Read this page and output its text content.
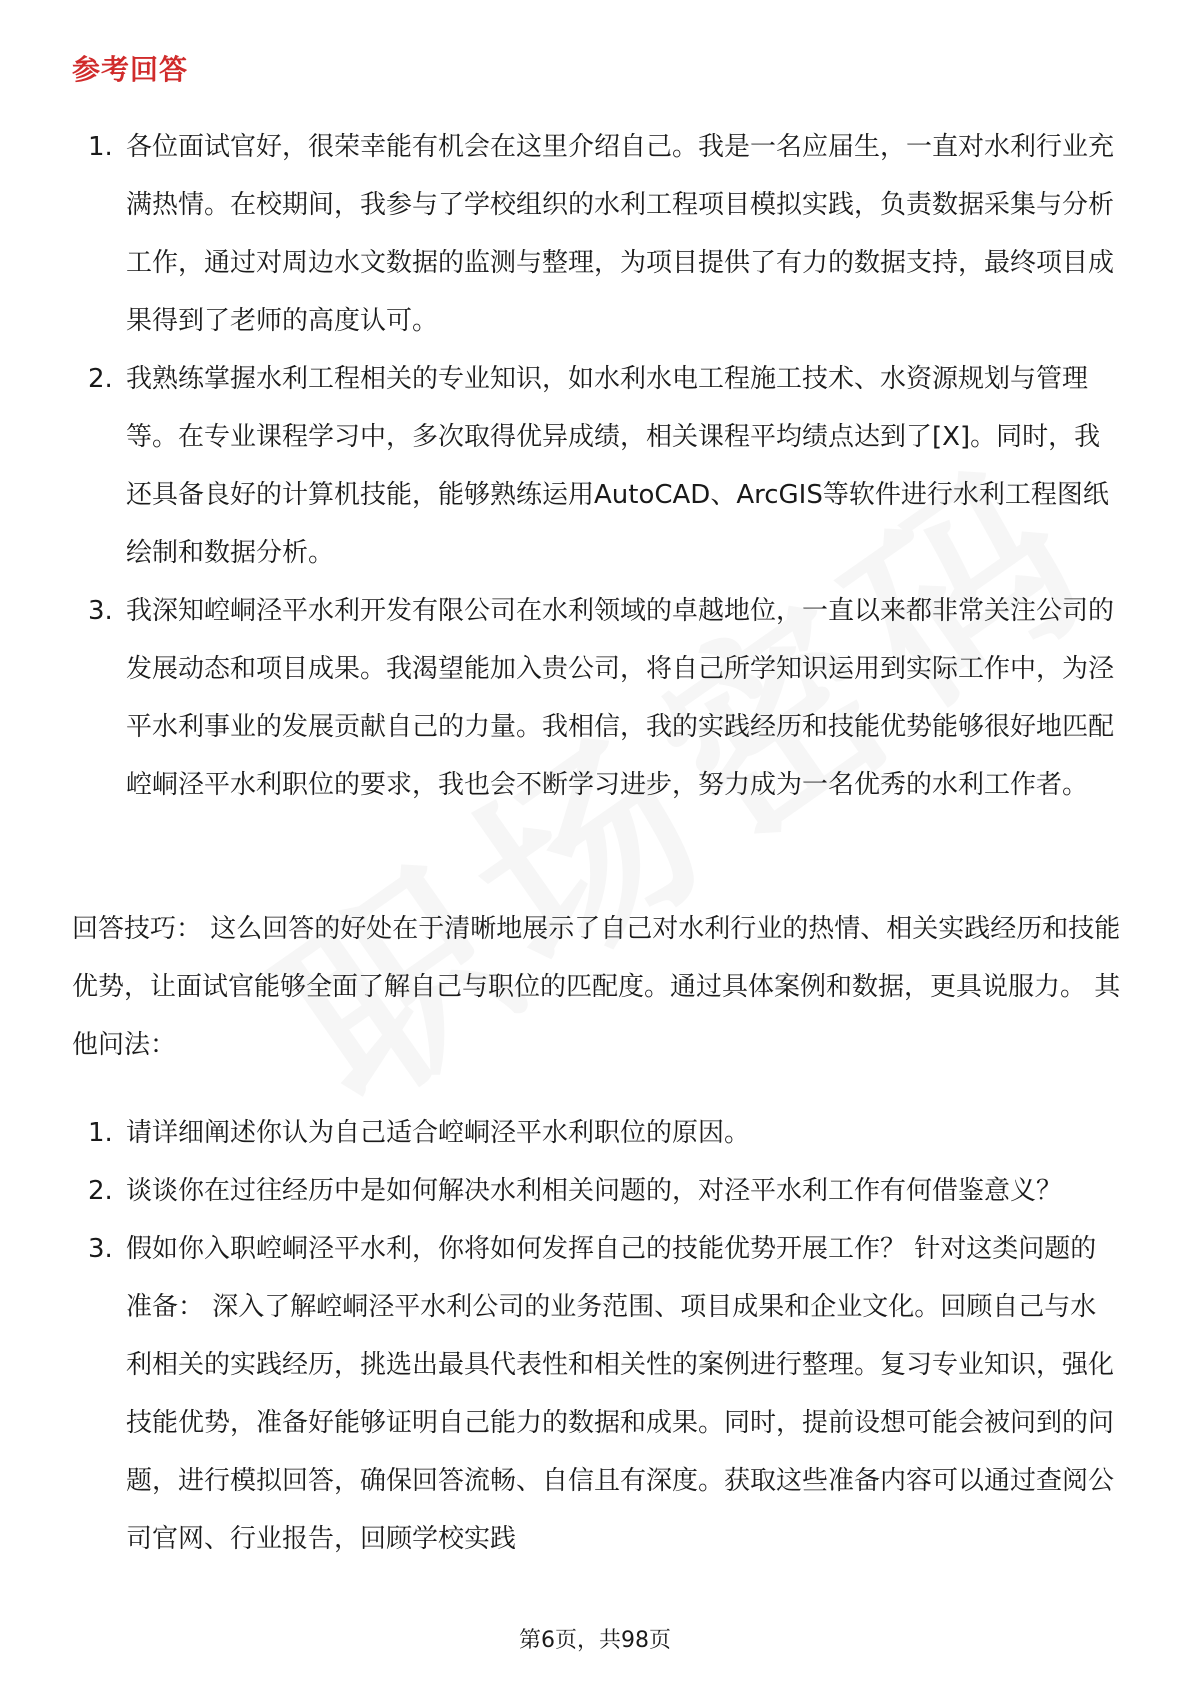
参考回答
1. 各位面试官好，很荣幸能有机会在这里介绍自己。我是一名应届生，一直对水利行业充满热情。在校期间，我参与了学校组织的水利工程项目模拟实践，负责数据采集与分析工作，通过对周边水文数据的监测与整理，为项目提供了有力的数据支持，最终项目成果得到了老师的高度认可。
2. 我熟练掌握水利工程相关的专业知识，如水利水电工程施工技术、水资源规划与管理等。在专业课程学习中，多次取得优异成绩，相关课程平均绩点达到了[X]。同时，我还具备良好的计算机技能，能够熟练运用AutoCAD、ArcGIS等软件进行水利工程图纸绘制和数据分析。
3. 我深知崆峒泾平水利开发有限公司在水利领域的卓越地位，一直以来都非常关注公司的发展动态和项目成果。我渴望能加入贵公司，将自己所学知识运用到实际工作中，为泾平水利事业的发展贡献自己的力量。我相信，我的实践经历和技能优势能够很好地匹配崆峒泾平水利职位的要求，我也会不断学习进步，努力成为一名优秀的水利工作者。
回答技巧： 这么回答的好处在于清晰地展示了自己对水利行业的热情、相关实践经历和技能优势，让面试官能够全面了解自己与职位的匹配度。通过具体案例和数据，更具说服力。 其他问法：
1. 请详细阐述你认为自己适合崆峒泾平水利职位的原因。
2. 谈谈你在过往经历中是如何解决水利相关问题的，对泾平水利工作有何借鉴意义？
3. 假如你入职崆峒泾平水利，你将如何发挥自己的技能优势开展工作？ 针对这类问题的准备： 深入了解崆峒泾平水利公司的业务范围、项目成果和企业文化。回顾自己与水利相关的实践经历，挑选出最具代表性和相关性的案例进行整理。复习专业知识，强化技能优势，准备好能够证明自己能力的数据和成果。同时，提前设想可能会被问到的问题，进行模拟回答，确保回答流畅、自信且有深度。获取这些准备内容可以通过查阅公司官网、行业报告，回顾学校实践
第6页，共98页
